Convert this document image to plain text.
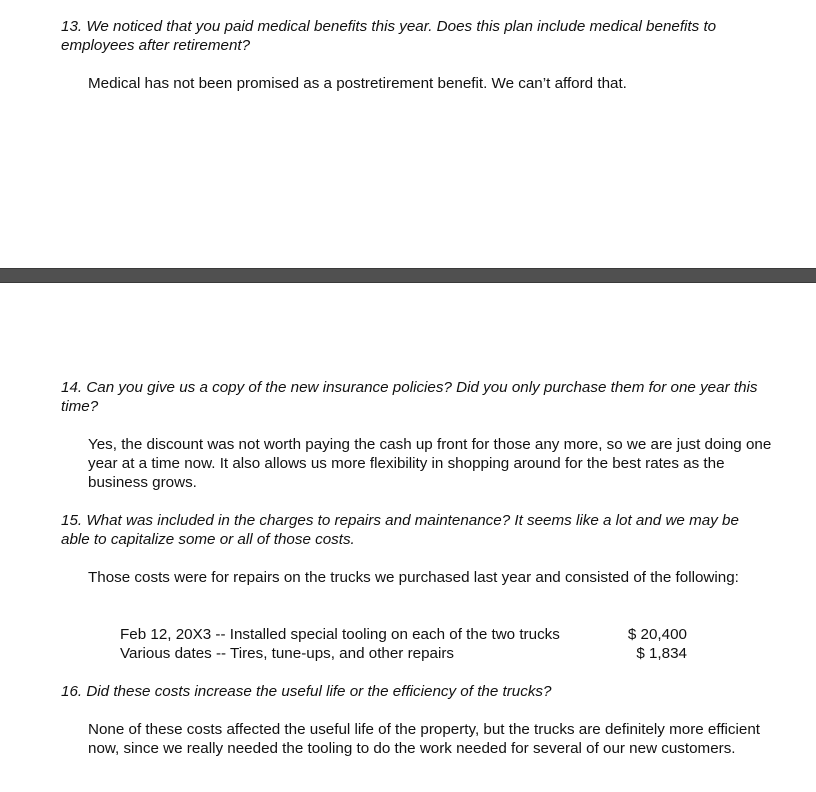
13. We noticed that you paid medical benefits this year. Does this plan include medical benefits to employees after retirement?

Medical has not been promised as a postretirement benefit. We can’t afford that.

14. Can you give us a copy of the new insurance policies? Did you only purchase them for one year this time?

Yes, the discount was not worth paying the cash up front for those any more, so we are just doing one year at a time now. It also allows us more flexibility in shopping around for the best rates as the business grows.

15. What was included in the charges to repairs and maintenance? It seems like a lot and we may be able to capitalize some or all of those costs.

Those costs were for repairs on the trucks we purchased last year and consisted of the following:

Feb 12, 20X3 -- Installed special tooling on each of the two trucks	$ 20,400
Various dates -- Tires, tune-ups, and other repairs	$ 1,834

16. Did these costs increase the useful life or the efficiency of the trucks?

None of these costs affected the useful life of the property, but the trucks are definitely more efficient now, since we really needed the tooling to do the work needed for several of our new customers.
